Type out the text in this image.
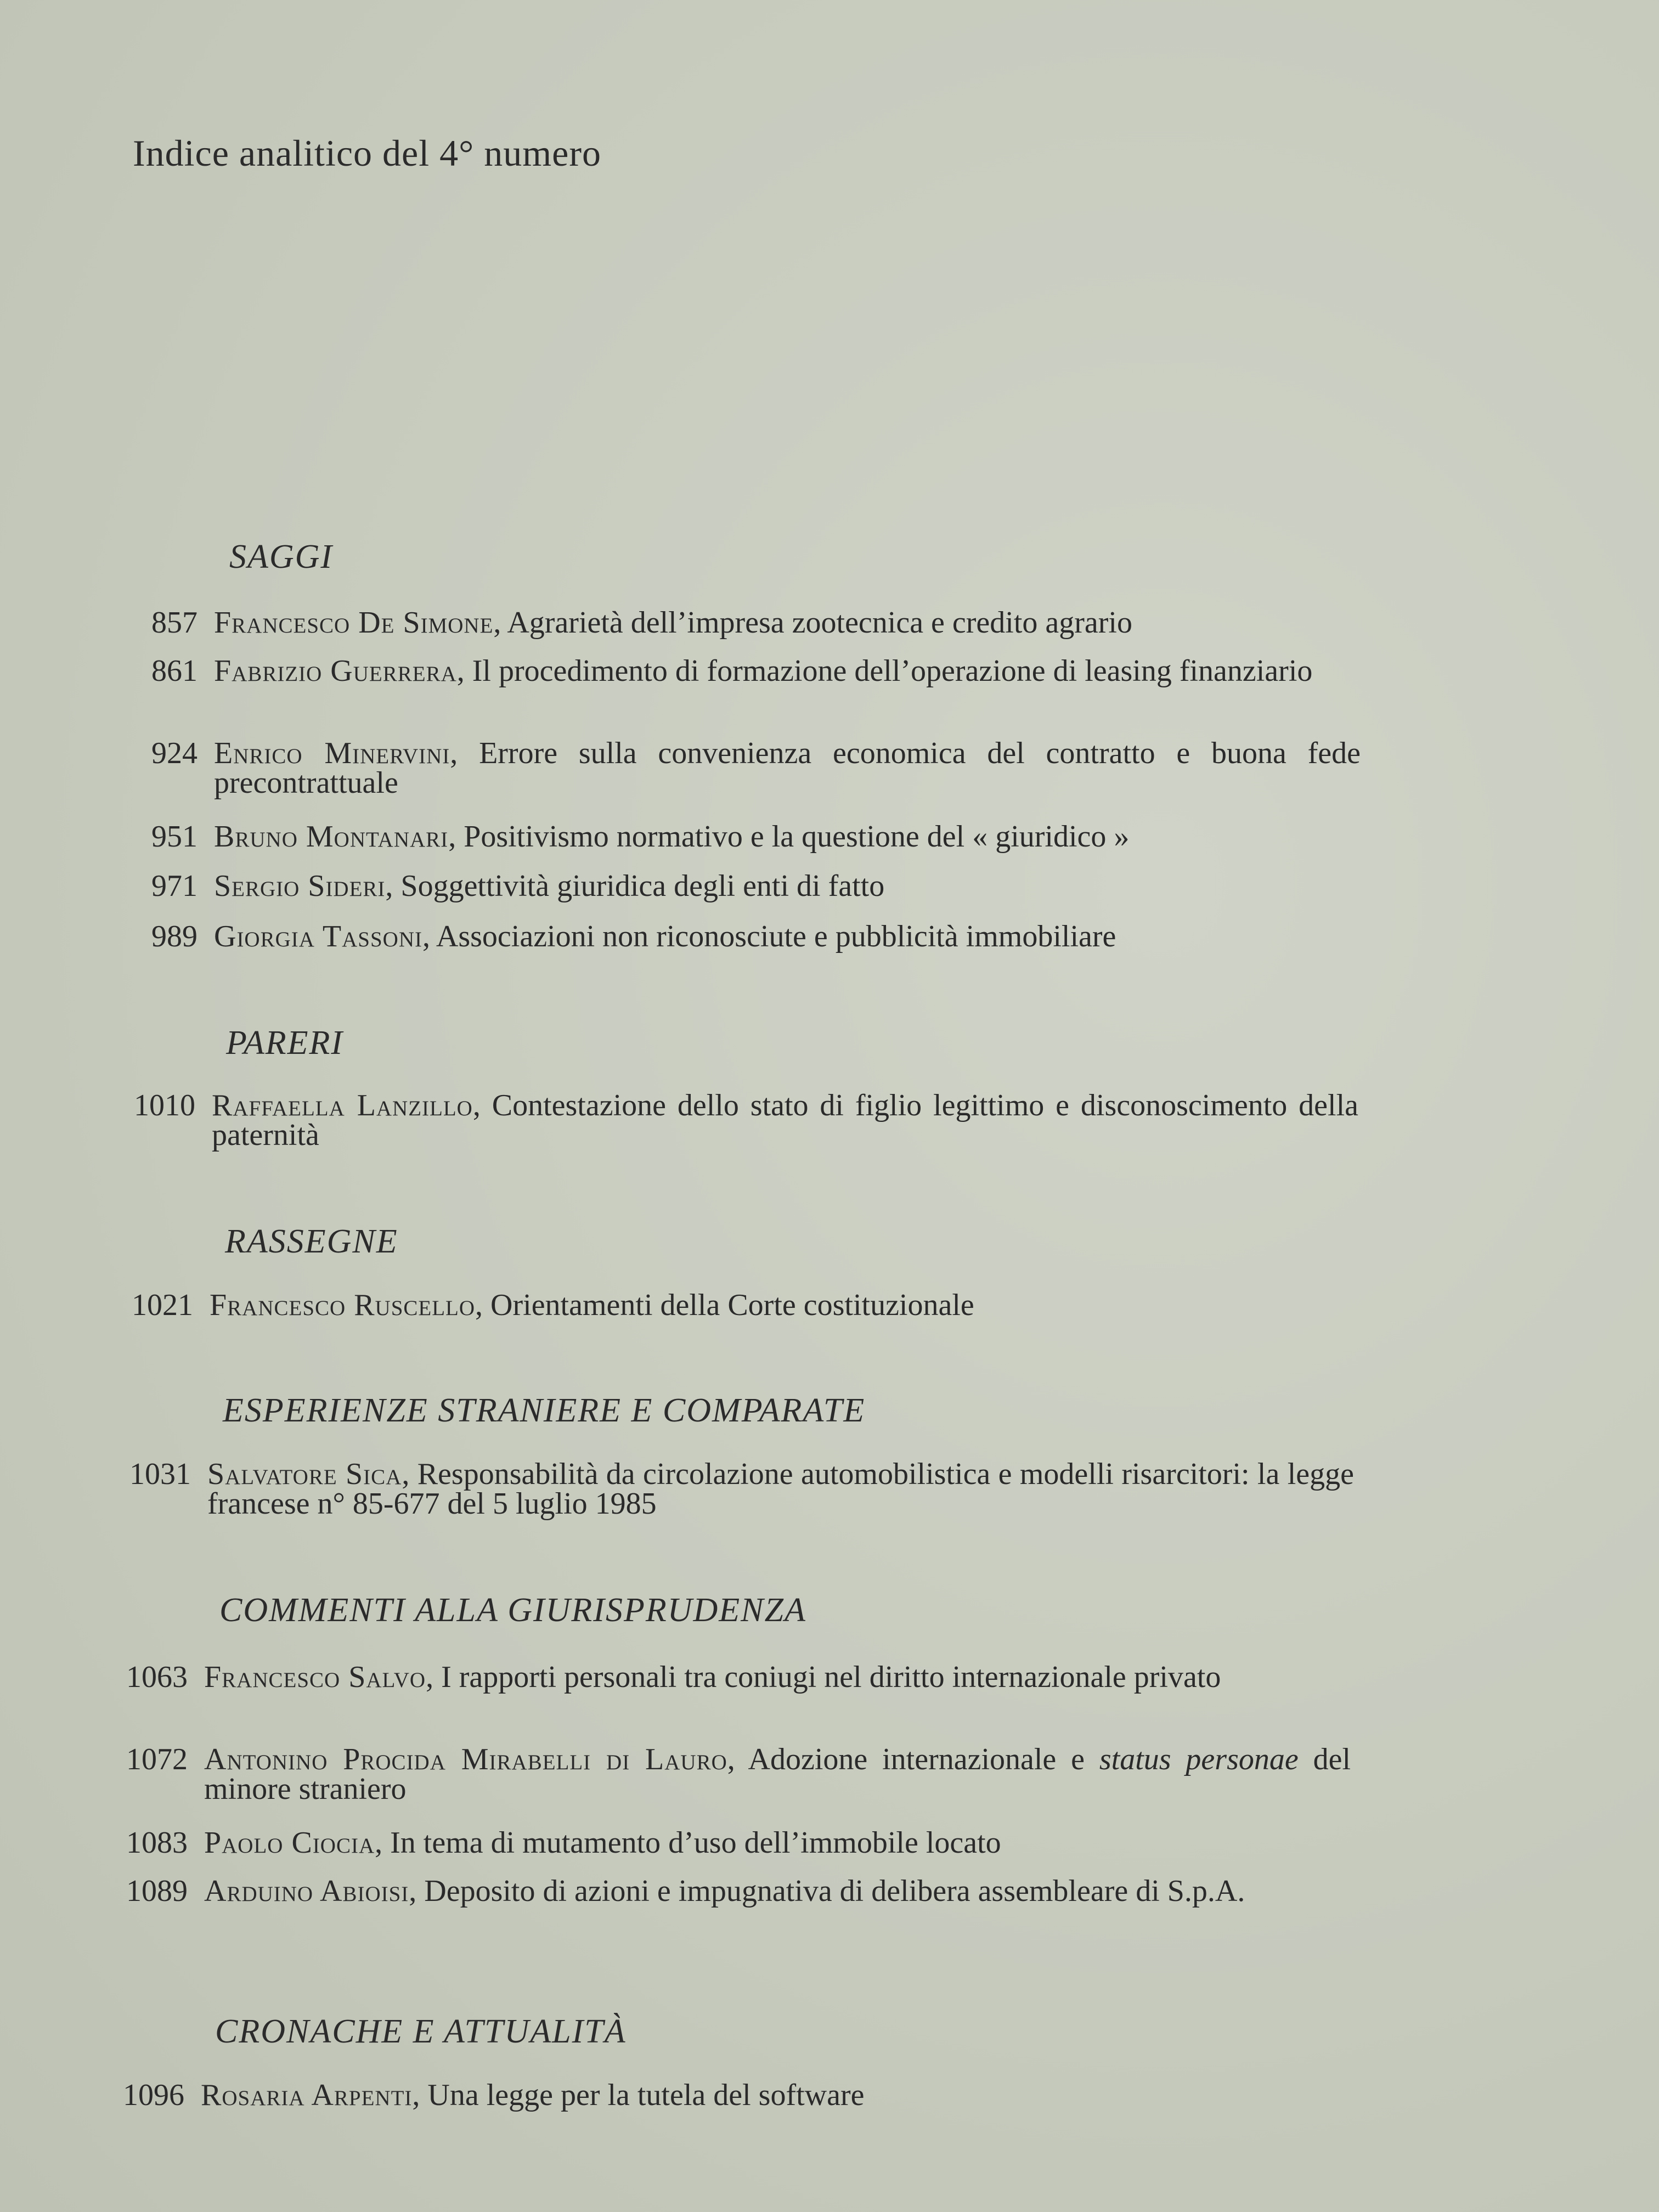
Indice analitico del 4° numero
SAGGI
857 Francesco De Simone, Agrarietà dell’impresa zootecnica e credito agrario
861 Fabrizio Guerrera, Il procedimento di formazione dell’operazione di leasing finanziario
924 Enrico Minervini, Errore sulla convenienza economica del contratto e buona fede precontrattuale
951 Bruno Montanari, Positivismo normativo e la questione del « giuridico »
971 Sergio Sideri, Soggettività giuridica degli enti di fatto
989 Giorgia Tassoni, Associazioni non riconosciute e pubblicità immobiliare
PARERI
1010 Raffaella Lanzillo, Contestazione dello stato di figlio legittimo e disconoscimento della paternità
RASSEGNE
1021 Francesco Ruscello, Orientamenti della Corte costituzionale
ESPERIENZE STRANIERE E COMPARATE
1031 Salvatore Sica, Responsabilità da circolazione automobilistica e modelli risarcitori: la legge francese n° 85-677 del 5 luglio 1985
COMMENTI ALLA GIURISPRUDENZA
1063 Francesco Salvo, I rapporti personali tra coniugi nel diritto internazionale privato
1072 Antonino Procida Mirabelli di Lauro, Adozione internazionale e status personae del minore straniero
1083 Paolo Ciocia, In tema di mutamento d’uso dell’immobile locato
1089 Arduino Abioisi, Deposito di azioni e impugnativa di delibera assembleare di S.p.A.
CRONACHE E ATTUALITÀ
1096 Rosaria Arpenti, Una legge per la tutela del software
